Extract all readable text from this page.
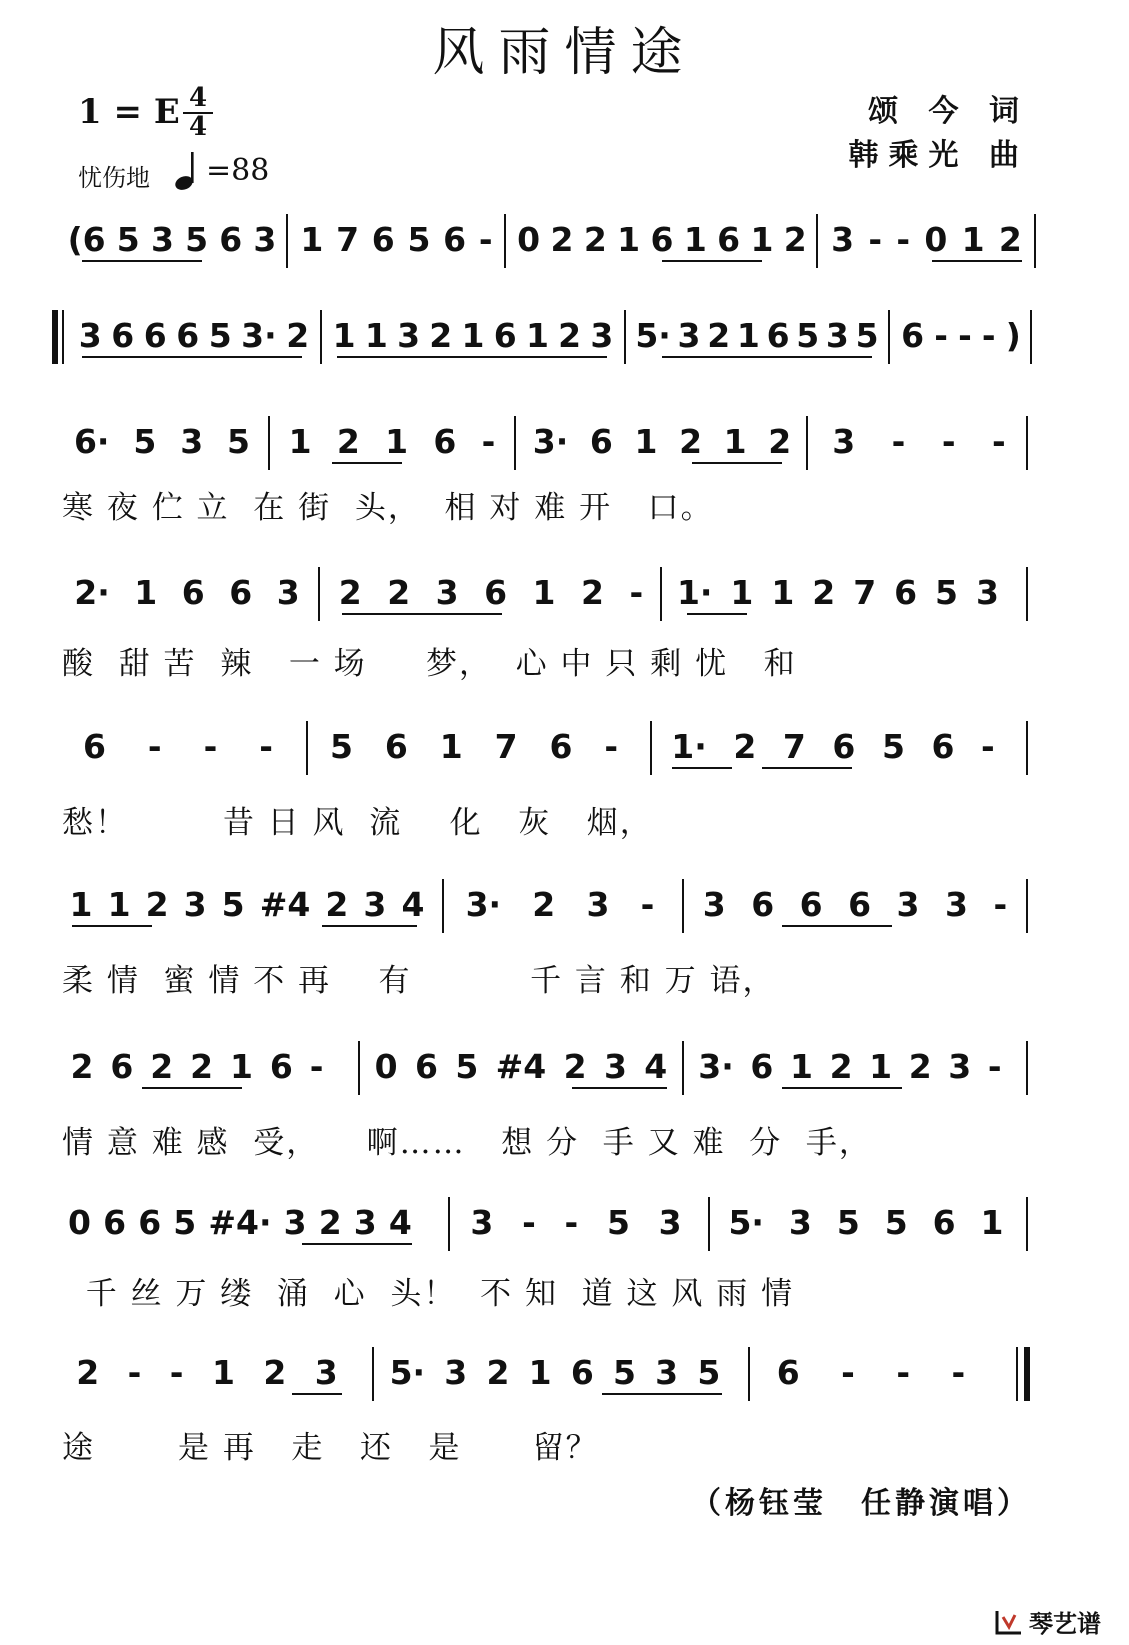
风雨情途
1 = E 4
4
忧伤地 =88
颂 今 词
韩乘光 曲
(6 5 3 5 6 3 1 7 6 5 6 - 0 2 2 1 6 1 6 1 2 3 - - 0 1 2
3 6 6 6 5 3· 2 1 1 3 2 1 6 1 2 3 5· 3 2 1 6 5 3 5 6 - - - )
6· 5 3 5 1 2 1 6 - 3· 6 1 2 1 2 3 - - -
寒 夜 伫 立  在 街  头，  相 对 难 开   口。
2· 1 6 6 3 2 2 3 6 1 2 - 1· 1 1 2 7 6 5 3
酸  甜 苦  辣   一 场     梦，  心 中 只 剩 忧   和
6 - - - 5 6 1 7 6 - 1· 2 7 6 5 6 -
愁！        昔 日 风  流    化   灰   烟，
1 1 2 3 5 #4 2 3 4 3· 2 3 - 3 6 6 6 3 3 -
柔 情  蜜 情 不 再    有          千 言 和 万 语，
2 6 2 2 1 6 - 0 6 5 #4 2 3 4 3· 6 1 2 1 2 3 -
情 意 难 感  受，    啊……   想 分  手 又 难  分  手，
0 6 6 5 #4· 3 2 3 4 3 - - 5 3 5· 3 5 5 6 1
千 丝 万 缕  涌  心  头！  不 知  道 这 风 雨 情
2 - - 1 2 3 5· 3 2 1 6 5 3 5 6 - - -
途       是 再   走   还   是      留？
（杨钰莹　任静演唱）
琴艺谱
